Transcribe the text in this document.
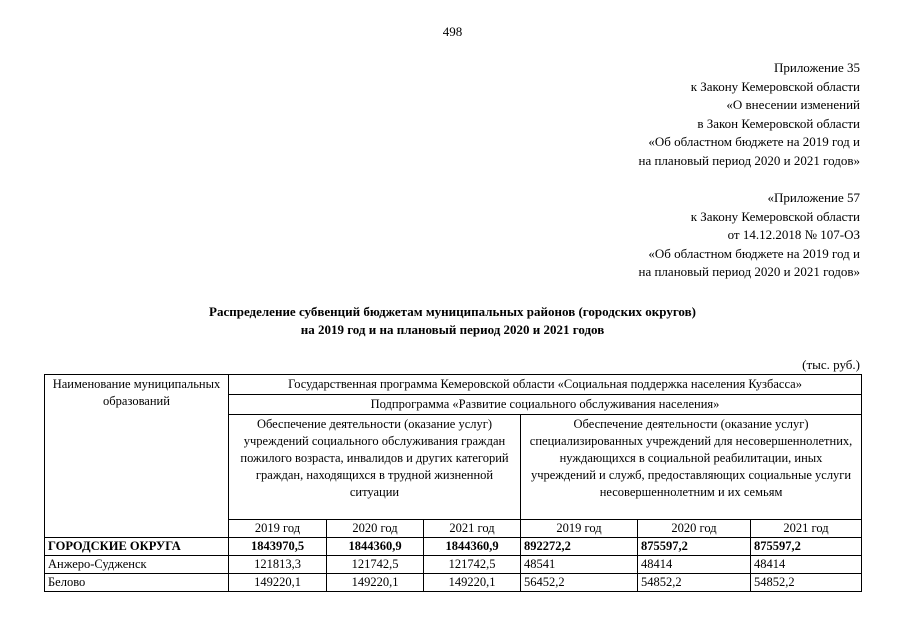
498
Приложение 35
к Закону Кемеровской области
«О внесении изменений
в Закон Кемеровской области
«Об областном бюджете на 2019 год и
на плановый период 2020 и 2021 годов»
«Приложение 57
к Закону Кемеровской области
от 14.12.2018 № 107-ОЗ
«Об областном бюджете на 2019 год и
на плановый период 2020 и 2021 годов»
Распределение субвенций бюджетам муниципальных районов (городских округов)
на 2019 год и на плановый период 2020 и 2021 годов
(тыс. руб.)
Наименование муниципальных образований	Государственная программа Кемеровской области «Социальная поддержка населения Кузбасса»					
	Подпрограмма «Развитие социального обслуживания населения»					
	Обеспечение деятельности (оказание услуг) учреждений социального обслуживания граждан пожилого возраста, инвалидов и других категорий граждан, находящихся в трудной жизненной ситуации			Обеспечение деятельности (оказание услуг) специализированных учреждений для несовершеннолетних, нуждающихся в социальной реабилитации, иных учреждений и служб, предоставляющих социальные услуги несовершеннолетним и их семьям		
	2019 год	2020 год	2021 год	2019 год	2020 год	2021 год
ГОРОДСКИЕ ОКРУГА	1843970,5	1844360,9	1844360,9	892272,2	875597,2	875597,2
Анжеро-Судженск	121813,3	121742,5	121742,5	48541	48414	48414
Белово	149220,1	149220,1	149220,1	56452,2	54852,2	54852,2
